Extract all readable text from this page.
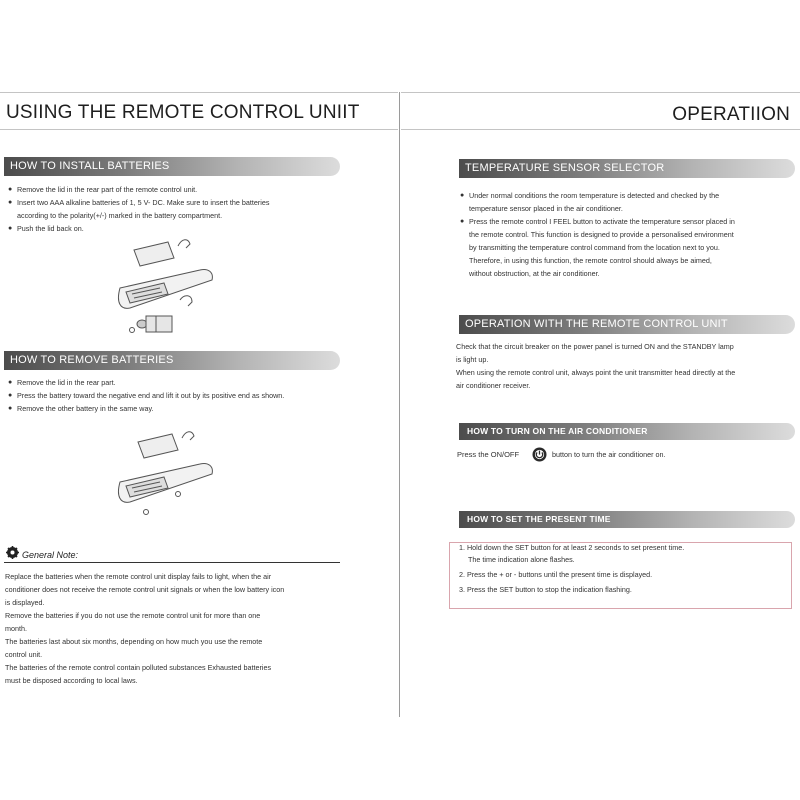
USIING THE REMOTE CONTROL UNIIT
HOW TO INSTALL BATTERIES
● Remove the lid in the rear part of the remote control unit.
● Insert two AAA alkaline batteries of 1, 5 V- DC. Make sure to insert the batteries
according to the polarity(+/-) marked in the battery compartment.
● Push the lid back on.
HOW TO REMOVE BATTERIES
● Remove the lid in the rear part.
● Press the battery toward the negative end and lift it out by its positive end as shown.
● Remove the other battery in the same way.
General Note:
Replace the batteries when the remote control unit display fails to light, when the air
conditioner does not receive the remote control unit signals or when the low battery icon
is displayed.
Remove the batteries if you do not use the remote control unit for more than one
month.
The batteries last about six months, depending on how much you use the remote
control unit.
The batteries of the remote control contain polluted substances Exhausted batteries
must be disposed according to local laws.
OPERATIION
TEMPERATURE SENSOR SELECTOR
● Under normal conditions the room temperature is detected and checked by the
temperature sensor placed in the air conditioner.
● Press the remote control I FEEL button to activate the temperature sensor placed in
the remote control. This function is designed to provide a personalised environment
by transmitting the temperature control command from the location next to you.
Therefore, in using this function, the remote control should always be aimed,
without obstruction, at the air conditioner.
OPERATION WITH THE REMOTE CONTROL UNIT
Check that the circuit breaker on the power panel is turned ON and the STANDBY lamp
is light up.
When using the remote control unit, always point the unit transmitter head directly at the
air conditioner receiver.
HOW TO TURN ON THE AIR CONDITIONER
Press the ON/OFF	button to turn the air conditioner on.
HOW TO SET THE PRESENT TIME
1. Hold down the SET button for at least 2 seconds to set present time.
The time indication alone flashes.
2. Press the + or - buttons until the present time is displayed.
3. Press the SET button to stop the indication flashing.
